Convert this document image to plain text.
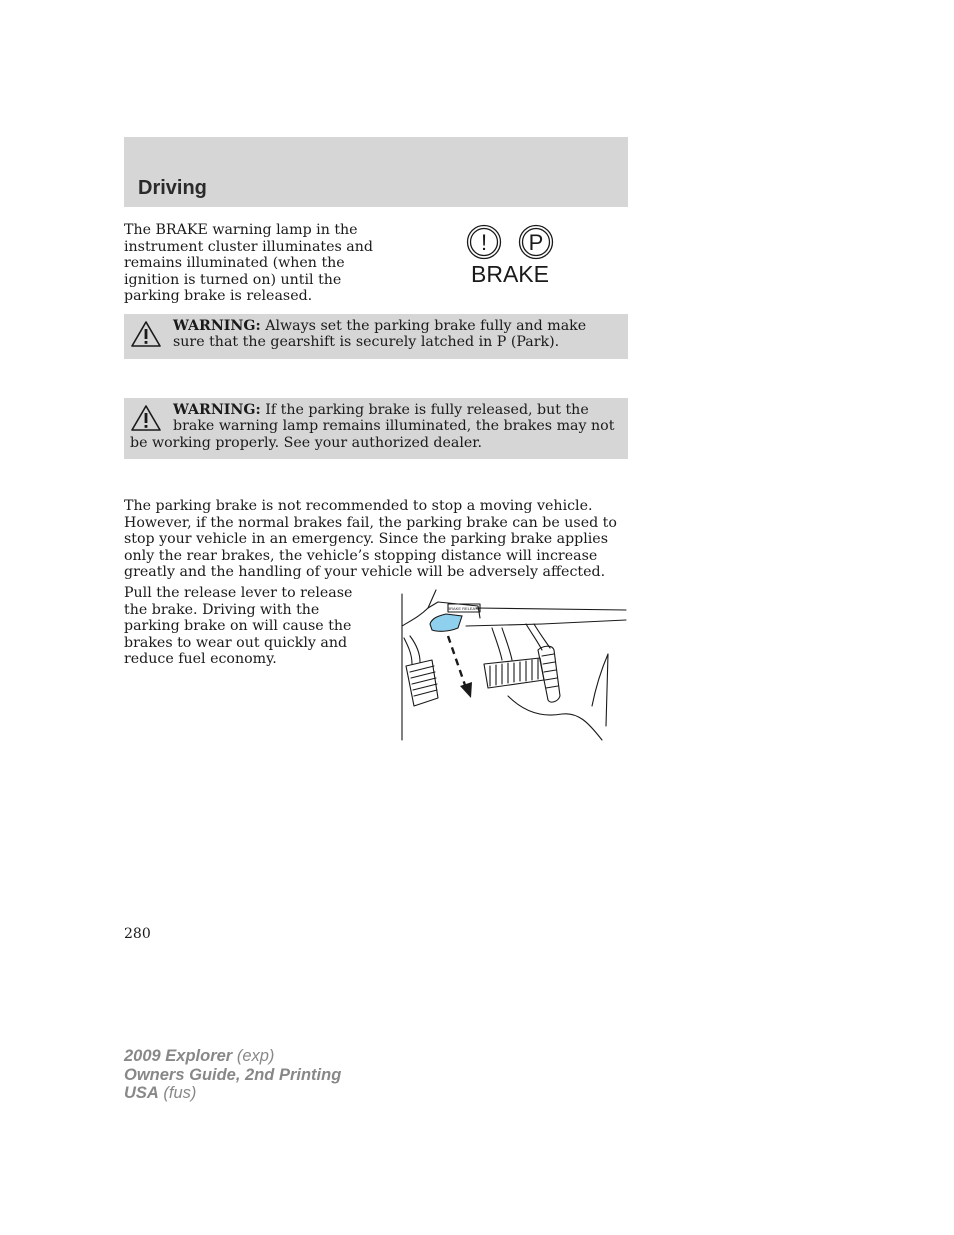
Driving

The BRAKE warning lamp in the instrument cluster illuminates and remains illuminated (when the ignition is turned on) until the parking brake is released.

! P
BRAKE

WARNING: Always set the parking brake fully and make sure that the gearshift is securely latched in P (Park).

WARNING: If the parking brake is fully released, but the brake warning lamp remains illuminated, the brakes may not be working properly. See your authorized dealer.

The parking brake is not recommended to stop a moving vehicle. However, if the normal brakes fail, the parking brake can be used to stop your vehicle in an emergency. Since the parking brake applies only the rear brakes, the vehicle’s stopping distance will increase greatly and the handling of your vehicle will be adversely affected.

Pull the release lever to release the brake. Driving with the parking brake on will cause the brakes to wear out quickly and reduce fuel economy.

BRAKE RELEASE

280

2009 Explorer (exp)
Owners Guide, 2nd Printing
USA (fus)
